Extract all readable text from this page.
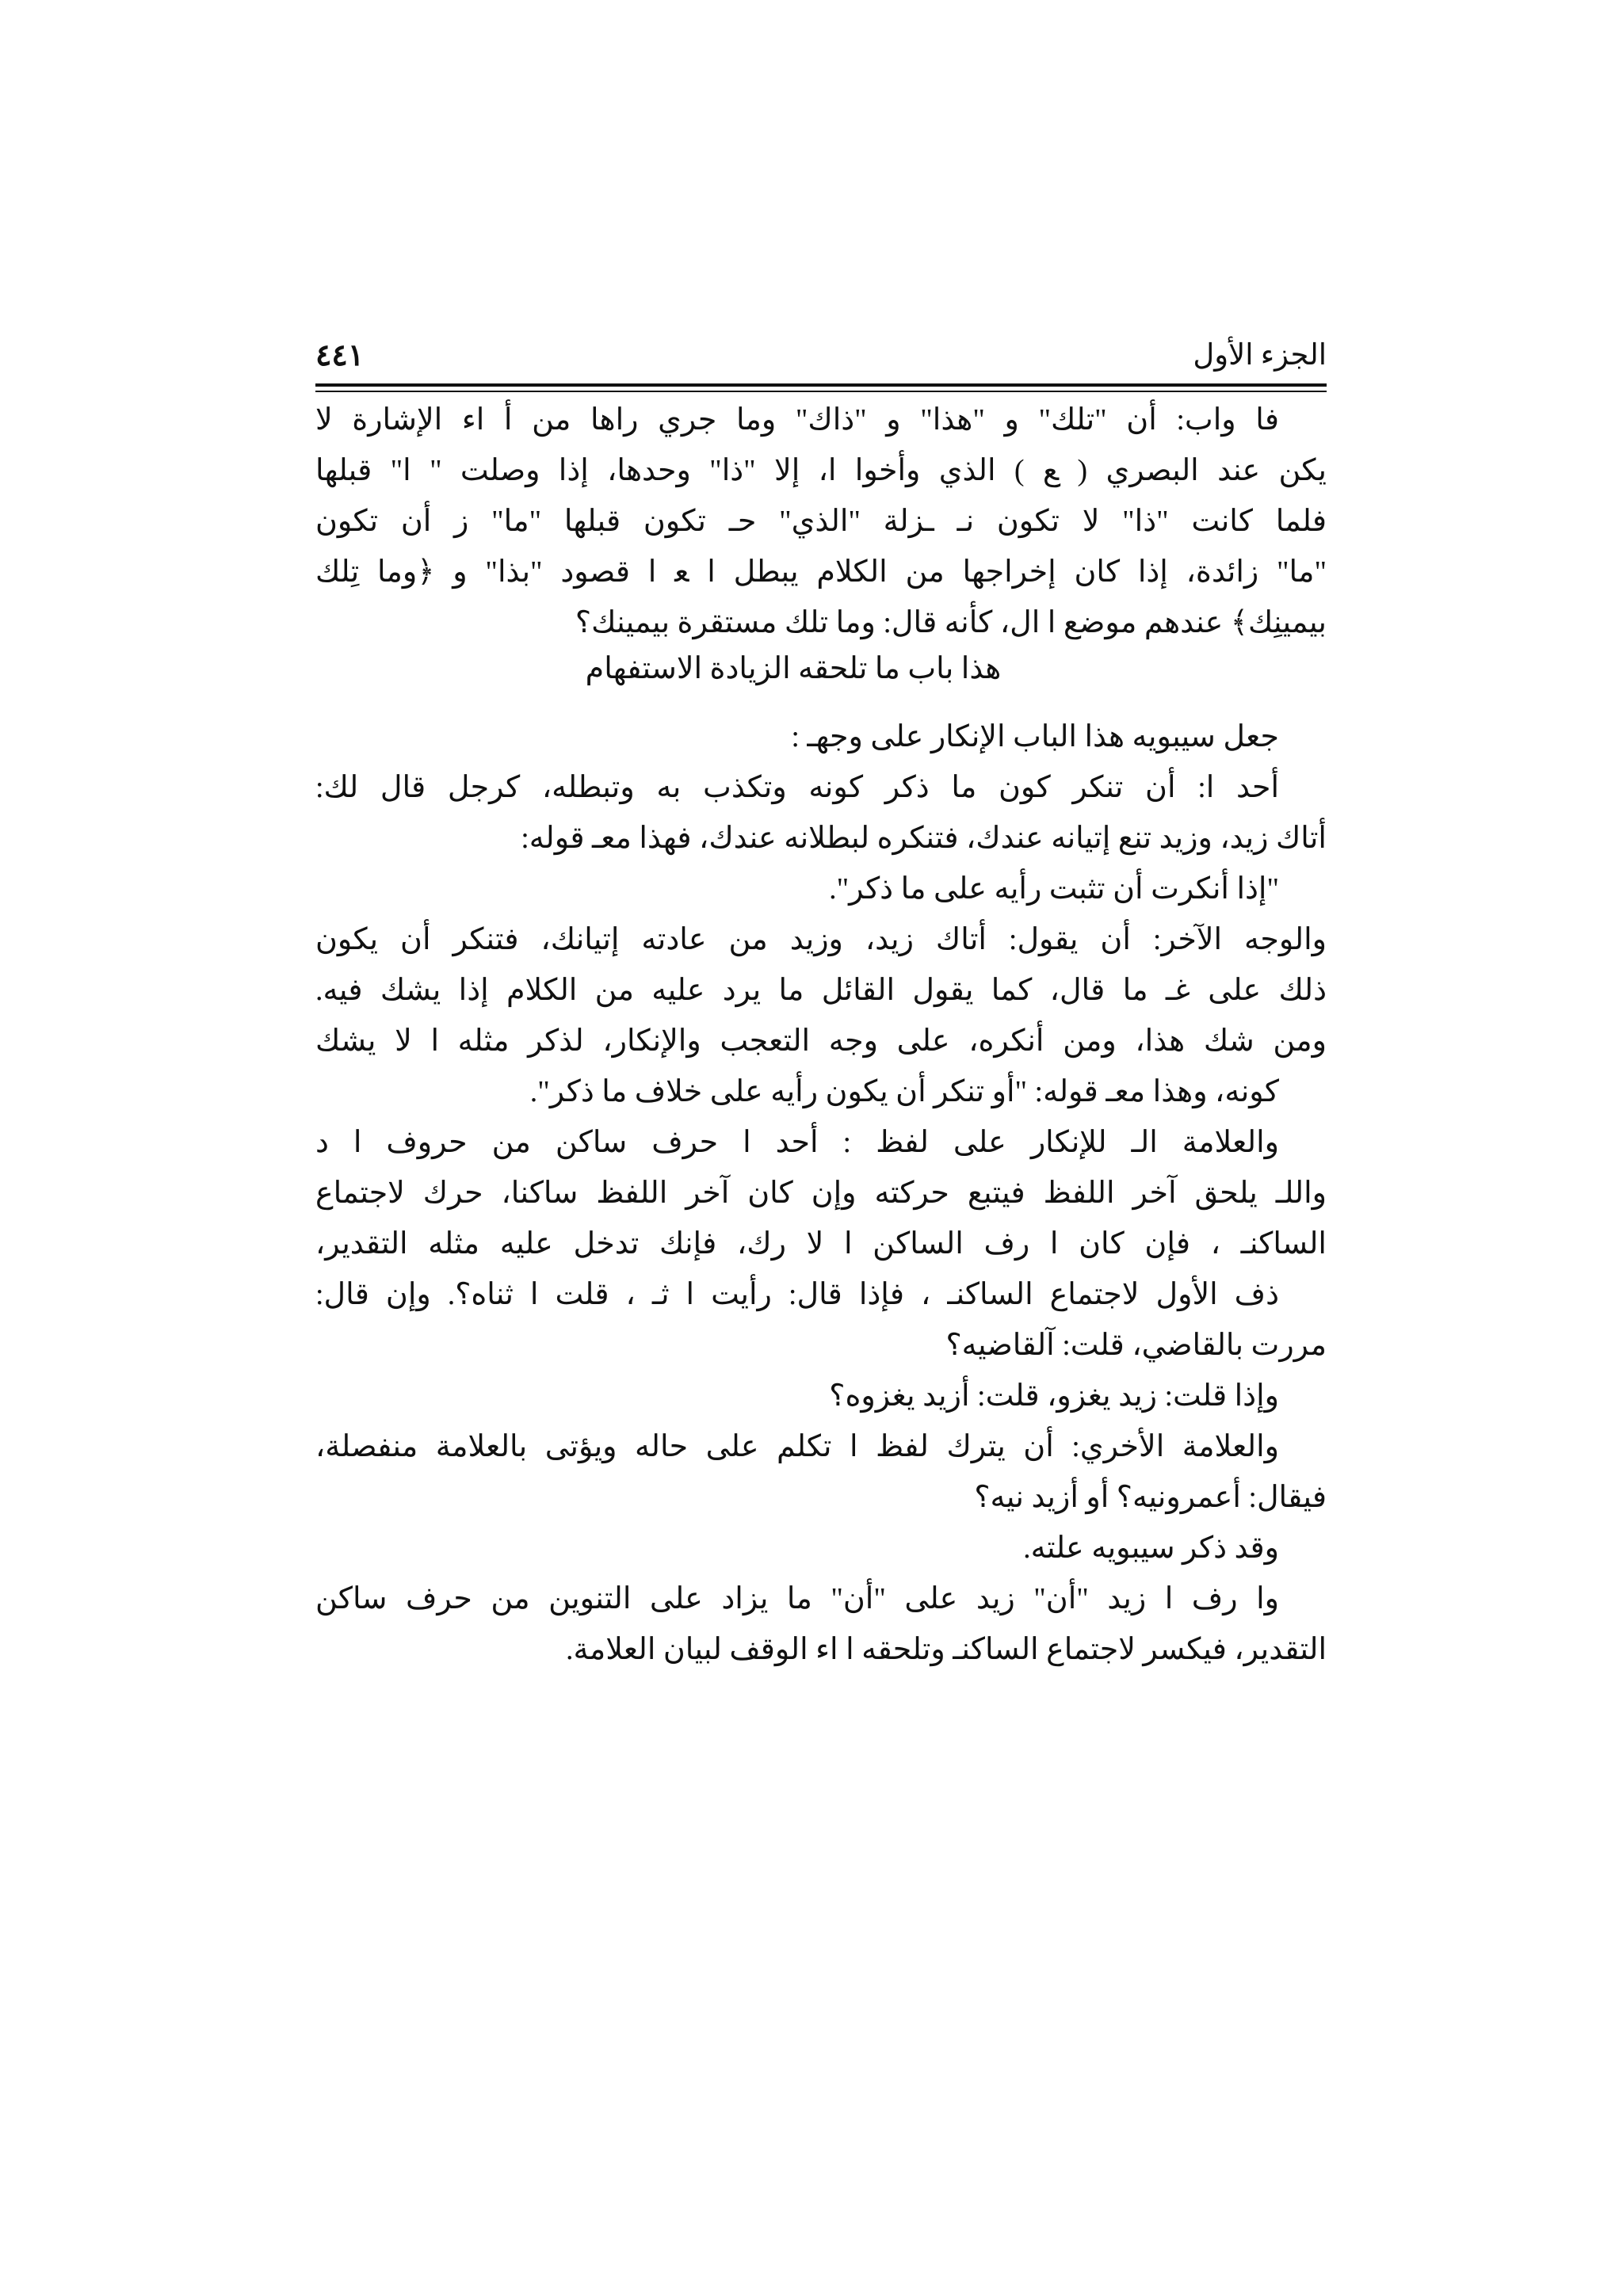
الجزء الأول
٤٤١
فا واب: أن "تلك" و "هذا" و "ذاك" وما جري راها من أ اء الإشارة لا
يكن عند البصري ( ﻊ ) الذي وأخوا ا، إلا "ذا" وحدها، إذا وصلت " ا" قبلها
فلما كانت "ذا" لا تكون نـ ـزلة "الذي" حـ تكون قبلها "ما" ز أن تكون
"ما" زائدة، إذا كان إخراجها من الكلام يبطل ا ﻌ ا قصود "بذا" و ﴿وما تِلك
بيمينِك﴾ عندهم موضع ا ال، كأنه قال: وما تلك مستقرة بيمينك؟
هذا باب ما تلحقه الزيادة الاستفهام
جعل سيبويه هذا الباب الإنكار على وجهـ :
أحد ا: أن تنكر كون ما ذكر كونه وتكذب به وتبطله، كرجل قال لك:
أتاك زيد، وزيد تنع إتيانه عندك، فتنكره لبطلانه عندك، فهذا معـ قوله:
"إذا أنكرت أن تثبت رأيه على ما ذكر".
والوجه الآخر: أن يقول: أتاك زيد، وزيد من عادته إتيانك، فتنكر أن يكون
ذلك على غـ ما قال، كما يقول القائل ما يرد عليه من الكلام إذا يشك فيه.
ومن شك هذا، ومن أنكره، على وجه التعجب والإنكار، لذكر مثله ا لا يشك
كونه، وهذا معـ قوله: "أو تنكر أن يكون رأيه على خلاف ما ذكر".
والعلامة الـ للإنكار على لفظ : أحد ا حرف ساكن من حروف ا د
واللـ يلحق آخر اللفظ فيتبع حركته وإن كان آخر اللفظ ساكنا، حرك لاجتماع
الساكنـ ، فإن كان ا رف الساكن ا لا رك، فإنك تدخل عليه مثله التقدير،
ذف الأول لاجتماع الساكنـ ، فإذا قال: رأيت ا ثـ ، قلت ا ثناه؟. وإن قال:
مررت بالقاضي، قلت: آلقاضيه؟
وإذا قلت: زيد يغزو، قلت: أزيد يغزوه؟
والعلامة الأخري: أن يترك لفظ ا تكلم على حاله ويؤتى بالعلامة منفصلة،
فيقال: أعمرونيه؟ أو أزيد نيه؟
وقد ذكر سيبويه علته.
وا رف ا زيد "أن" زيد على "أن" ما يزاد على التنوين من حرف ساكن
التقدير، فيكسر لاجتماع الساكنـ وتلحقه ا اء الوقف لبيان العلامة.
